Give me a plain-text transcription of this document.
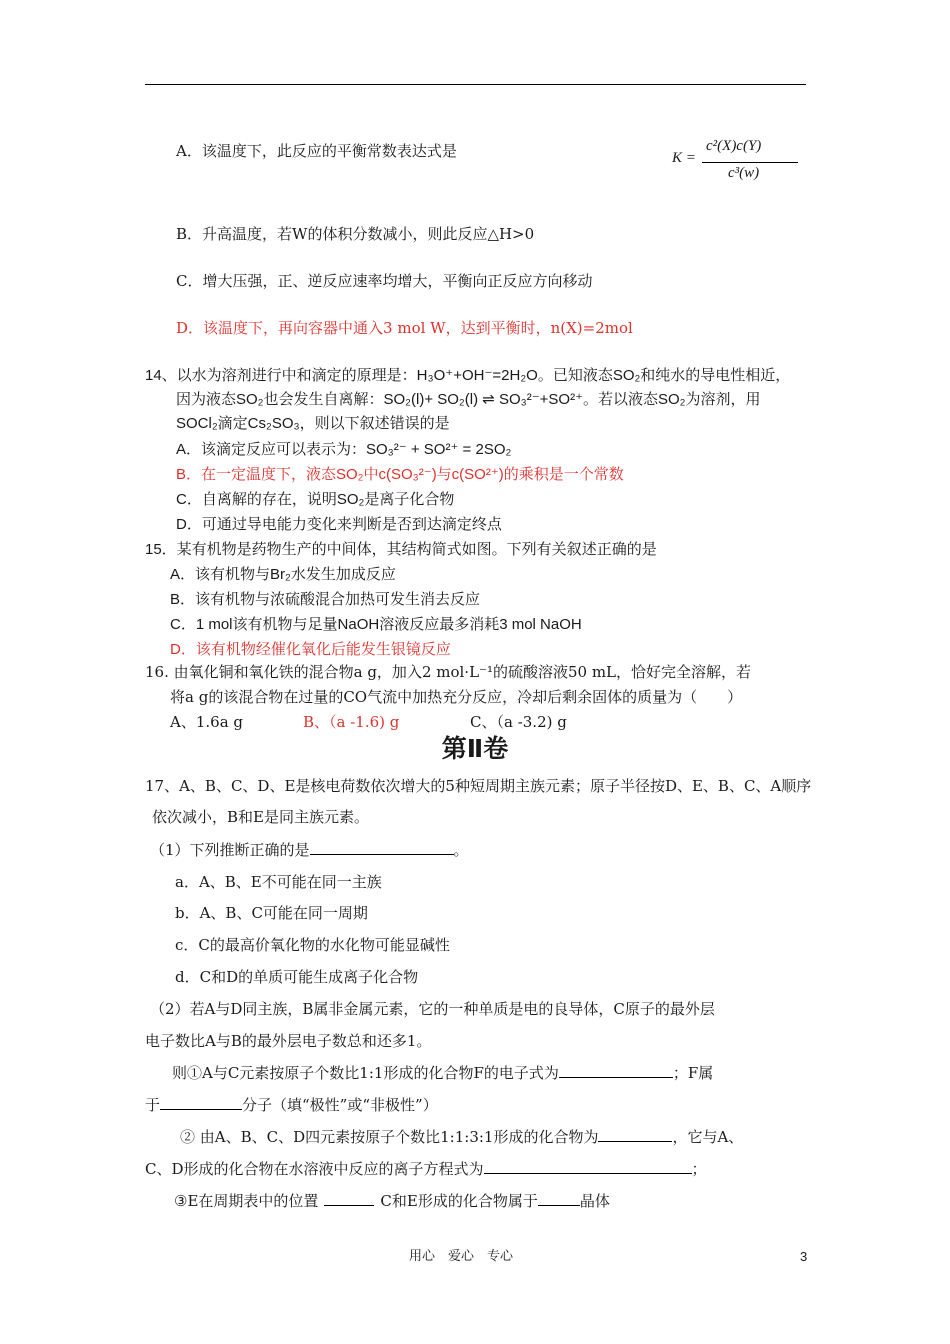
A．该温度下，此反应的平衡常数表达式是	K =
c²(X)c(Y)
c³(w)
B．升高温度，若W的体积分数减小，则此反应△H>0
C．增大压强，正、逆反应速率均增大，平衡向正反应方向移动
D．该温度下，再向容器中通入3 mol W，达到平衡时，n(X)=2mol
14、以水为溶剂进行中和滴定的原理是：H₃O⁺+OH⁻=2H₂O。已知液态SO₂和纯水的导电性相近，
因为液态SO₂也会发生自离解：SO₂(l)+ SO₂(l) ⇌ SO₃²⁻+SO²⁺。若以液态SO₂为溶剂，用
SOCl₂滴定Cs₂SO₃，则以下叙述错误的是
A．该滴定反应可以表示为：SO₃²⁻ + SO²⁺ = 2SO₂
B．在一定温度下，液态SO₂中c(SO₃²⁻)与c(SO²⁺)的乘积是一个常数
C．自离解的存在，说明SO₂是离子化合物
D．可通过导电能力变化来判断是否到达滴定终点
15．某有机物是药物生产的中间体，其结构简式如图。下列有关叙述正确的是
A．该有机物与Br₂水发生加成反应
B．该有机物与浓硫酸混合加热可发生消去反应
C．1 mol该有机物与足量NaOH溶液反应最多消耗3 mol NaOH
D．该有机物经催化氧化后能发生银镜反应
16. 由氧化铜和氧化铁的混合物a g，加入2 mol·L⁻¹的硫酸溶液50 mL，恰好完全溶解，若
将a g的该混合物在过量的CO气流中加热充分反应，冷却后剩余固体的质量为（　　）
A、1.6a g	B、（a -1.6) g	C、（a -3.2) g
第Ⅱ卷
17、A、B、C、D、E是核电荷数依次增大的5种短周期主族元素；原子半径按D、E、B、C、A顺序
依次减小，B和E是同主族元素。
（1）下列推断正确的是	。
a．A、B、E不可能在同一主族
b．A、B、C可能在同一周期
c．C的最高价氧化物的水化物可能显碱性
d．C和D的单质可能生成离子化合物
（2）若A与D同主族，B属非金属元素，它的一种单质是电的良导体，C原子的最外层
电子数比A与B的最外层电子数总和还多1。
则①A与C元素按原子个数比1:1形成的化合物F的电子式为	；F属
于	分子（填“极性”或“非极性”）
② 由A、B、C、D四元素按原子个数比1:1:3:1形成的化合物为	，它与A、
C、D形成的化合物在水溶液中反应的离子方程式为	；
③E在周期表中的位置	C和E形成的化合物属于	晶体
用心　爱心　专心	3
